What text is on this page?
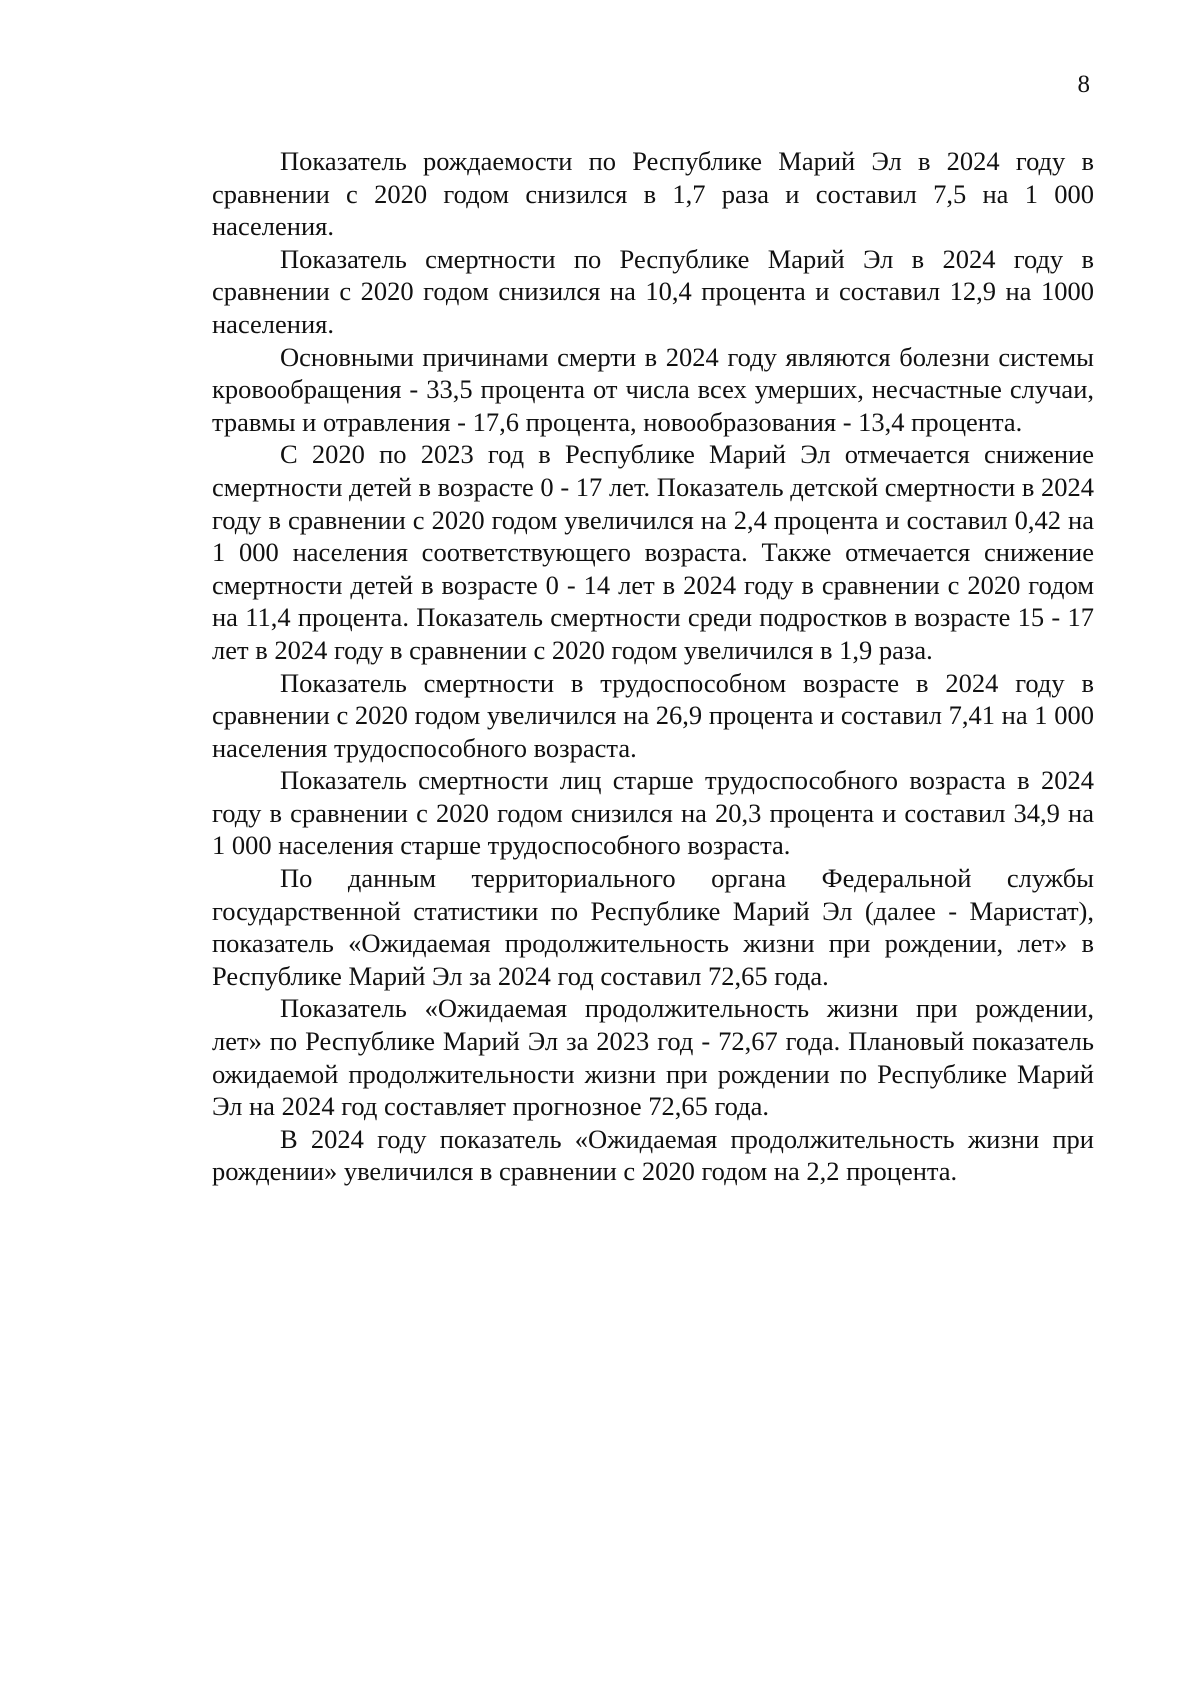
8

Показатель рождаемости по Республике Марий Эл в 2024 году в сравнении с 2020 годом снизился в 1,7 раза и составил 7,5 на 1 000 населения.

Показатель смертности по Республике Марий Эл в 2024 году в сравнении с 2020 годом снизился на 10,4 процента и составил 12,9 на 1000 населения.

Основными причинами смерти в 2024 году являются болезни системы кровообращения - 33,5 процента от числа всех умерших, несчастные случаи, травмы и отравления - 17,6 процента, новообразования - 13,4 процента.

С 2020 по 2023 год в Республике Марий Эл отмечается снижение смертности детей в возрасте 0 - 17 лет. Показатель детской смертности в 2024 году в сравнении с 2020 годом увеличился на 2,4 процента и составил 0,42 на 1 000 населения соответствующего возраста. Также отмечается снижение смертности детей в возрасте 0 - 14 лет в 2024 году в сравнении с 2020 годом на 11,4 процента. Показатель смертности среди подростков в возрасте 15 - 17 лет в 2024 году в сравнении с 2020 годом увеличился в 1,9 раза.

Показатель смертности в трудоспособном возрасте в 2024 году в сравнении с 2020 годом увеличился на 26,9 процента и составил 7,41 на 1 000 населения трудоспособного возраста.

Показатель смертности лиц старше трудоспособного возраста в 2024 году в сравнении с 2020 годом снизился на 20,3 процента и составил 34,9 на 1 000 населения старше трудоспособного возраста.

По данным территориального органа Федеральной службы государственной статистики по Республике Марий Эл (далее - Маристат), показатель «Ожидаемая продолжительность жизни при рождении, лет» в Республике Марий Эл за 2024 год составил 72,65 года.

Показатель «Ожидаемая продолжительность жизни при рождении, лет» по Республике Марий Эл за 2023 год - 72,67 года. Плановый показатель ожидаемой продолжительности жизни при рождении по Республике Марий Эл на 2024 год составляет прогнозное 72,65 года.

В 2024 году показатель «Ожидаемая продолжительность жизни при рождении» увеличился в сравнении с 2020 годом на 2,2 процента.
